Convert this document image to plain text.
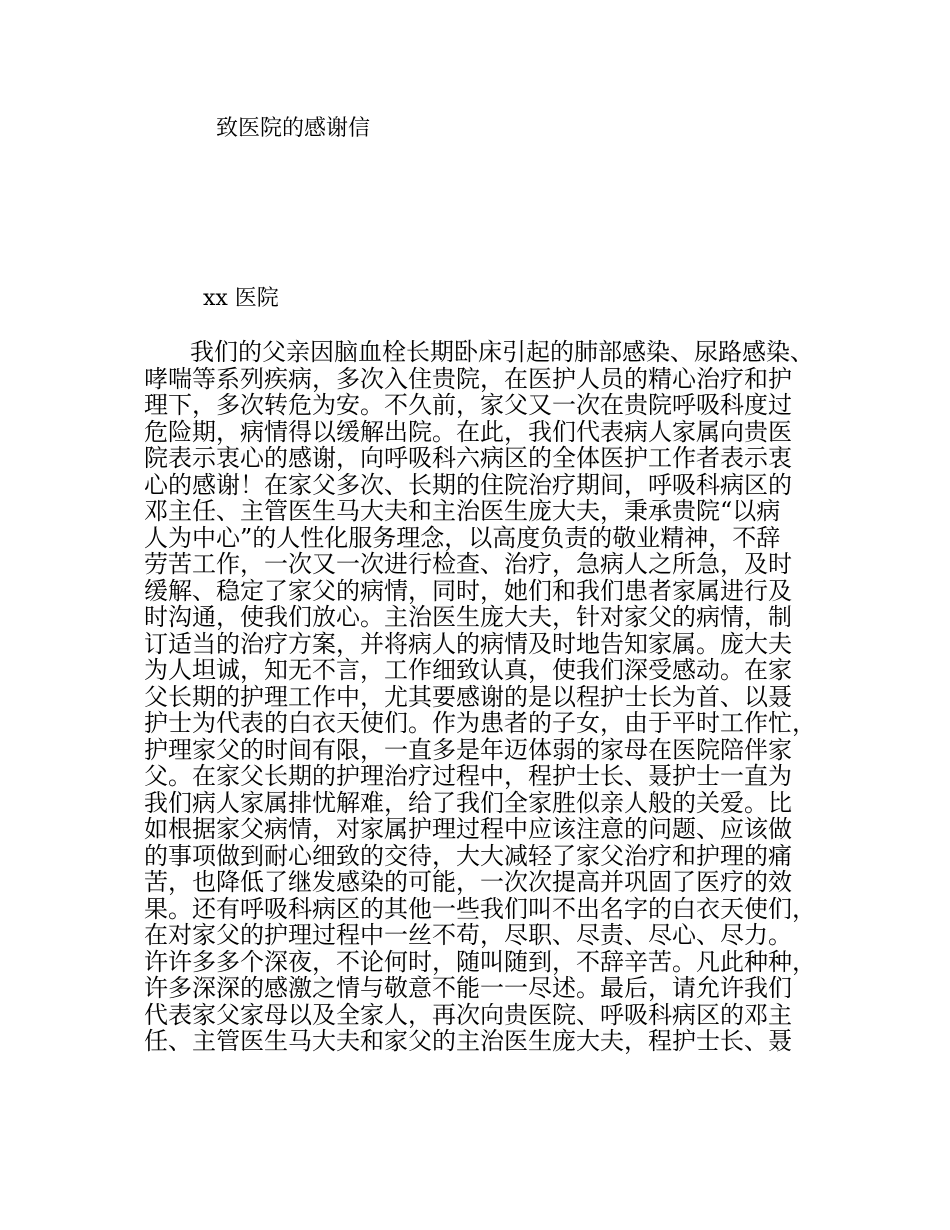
致医院的感谢信
xx 医院
我们的父亲因脑血栓长期卧床引起的肺部感染、尿路感染、
哮喘等系列疾病，多次入住贵院，在医护人员的精心治疗和护
理下，多次转危为安。不久前，家父又一次在贵院呼吸科度过
危险期，病情得以缓解出院。在此，我们代表病人家属向贵医
院表示衷心的感谢，向呼吸科六病区的全体医护工作者表示衷
心的感谢！在家父多次、长期的住院治疗期间，呼吸科病区的
邓主任、主管医生马大夫和主治医生庞大夫，秉承贵院“以病
人为中心”的人性化服务理念，以高度负责的敬业精神，不辞
劳苦工作，一次又一次进行检查、治疗，急病人之所急，及时
缓解、稳定了家父的病情，同时，她们和我们患者家属进行及
时沟通，使我们放心。主治医生庞大夫，针对家父的病情，制
订适当的治疗方案，并将病人的病情及时地告知家属。庞大夫
为人坦诚，知无不言，工作细致认真，使我们深受感动。在家
父长期的护理工作中，尤其要感谢的是以程护士长为首、以聂
护士为代表的白衣天使们。作为患者的子女，由于平时工作忙，
护理家父的时间有限，一直多是年迈体弱的家母在医院陪伴家
父。在家父长期的护理治疗过程中，程护士长、聂护士一直为
我们病人家属排忧解难，给了我们全家胜似亲人般的关爱。比
如根据家父病情，对家属护理过程中应该注意的问题、应该做
的事项做到耐心细致的交待，大大减轻了家父治疗和护理的痛
苦，也降低了继发感染的可能，一次次提高并巩固了医疗的效
果。还有呼吸科病区的其他一些我们叫不出名字的白衣天使们，
在对家父的护理过程中一丝不苟，尽职、尽责、尽心、尽力。
许许多多个深夜，不论何时，随叫随到，不辞辛苦。凡此种种，
许多深深的感激之情与敬意不能一一尽述。最后，请允许我们
代表家父家母以及全家人，再次向贵医院、呼吸科病区的邓主
任、主管医生马大夫和家父的主治医生庞大夫，程护士长、聂
